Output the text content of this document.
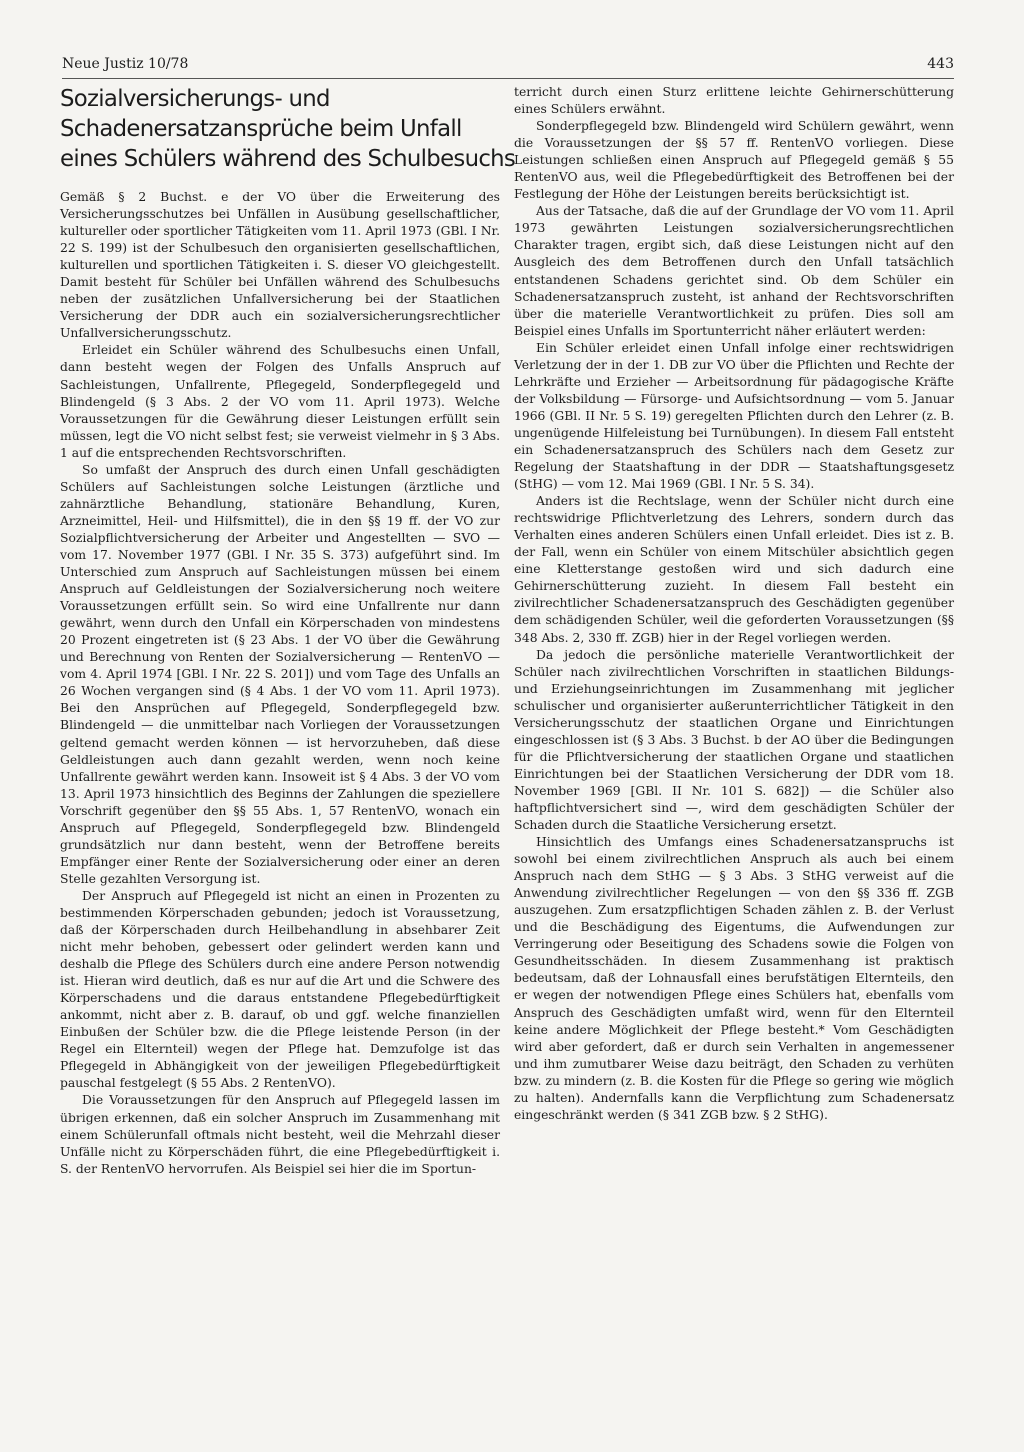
Neue Justiz 10/78	443
Sozialversicherungs- und
Schadenersatzansprüche beim Unfall
eines Schülers während des Schulbesuchs

Gemäß § 2 Buchst. e der VO über die Erweiterung des Versicherungsschutzes bei Unfällen in Ausübung gesellschaftlicher, kultureller oder sportlicher Tätigkeiten vom 11. April 1973 (GBl. I Nr. 22 S. 199) ist der Schulbesuch den organisierten gesellschaftlichen, kulturellen und sportlichen Tätigkeiten i. S. dieser VO gleichgestellt. Damit besteht für Schüler bei Unfällen während des Schulbesuchs neben der zusätzlichen Unfallversicherung bei der Staatlichen Versicherung der DDR auch ein sozialversicherungsrechtlicher Unfallversicherungsschutz.

Erleidet ein Schüler während des Schulbesuchs einen Unfall, dann besteht wegen der Folgen des Unfalls Anspruch auf Sachleistungen, Unfallrente, Pflegegeld, Sonderpflegegeld und Blindengeld (§ 3 Abs. 2 der VO vom 11. April 1973). Welche Voraussetzungen für die Gewährung dieser Leistungen erfüllt sein müssen, legt die VO nicht selbst fest; sie verweist vielmehr in § 3 Abs. 1 auf die entsprechenden Rechtsvorschriften.

So umfaßt der Anspruch des durch einen Unfall geschädigten Schülers auf Sachleistungen solche Leistungen (ärztliche und zahnärztliche Behandlung, stationäre Behandlung, Kuren, Arzneimittel, Heil- und Hilfsmittel), die in den §§ 19 ff. der VO zur Sozialpflichtversicherung der Arbeiter und Angestellten — SVO — vom 17. November 1977 (GBl. I Nr. 35 S. 373) aufgeführt sind. Im Unterschied zum Anspruch auf Sachleistungen müssen bei einem Anspruch auf Geldleistungen der Sozialversicherung noch weitere Voraussetzungen erfüllt sein. So wird eine Unfallrente nur dann gewährt, wenn durch den Unfall ein Körperschaden von mindestens 20 Prozent eingetreten ist (§ 23 Abs. 1 der VO über die Gewährung und Berechnung von Renten der Sozialversicherung — RentenVO — vom 4. April 1974 [GBl. I Nr. 22 S. 201]) und vom Tage des Unfalls an 26 Wochen vergangen sind (§ 4 Abs. 1 der VO vom 11. April 1973). Bei den Ansprüchen auf Pflegegeld, Sonderpflegegeld bzw. Blindengeld — die unmittelbar nach Vorliegen der Voraussetzungen geltend gemacht werden können — ist hervorzuheben, daß diese Geldleistungen auch dann gezahlt werden, wenn noch keine Unfallrente gewährt werden kann. Insoweit ist § 4 Abs. 3 der VO vom 13. April 1973 hinsichtlich des Beginns der Zahlungen die speziellere Vorschrift gegenüber den §§ 55 Abs. 1, 57 RentenVO, wonach ein Anspruch auf Pflegegeld, Sonderpflegegeld bzw. Blindengeld grundsätzlich nur dann besteht, wenn der Betroffene bereits Empfänger einer Rente der Sozialversicherung oder einer an deren Stelle gezahlten Versorgung ist.

Der Anspruch auf Pflegegeld ist nicht an einen in Prozenten zu bestimmenden Körperschaden gebunden; jedoch ist Voraussetzung, daß der Körperschaden durch Heilbehandlung in absehbarer Zeit nicht mehr behoben, gebessert oder gelindert werden kann und deshalb die Pflege des Schülers durch eine andere Person notwendig ist. Hieran wird deutlich, daß es nur auf die Art und die Schwere des Körperschadens und die daraus entstandene Pflegebedürftigkeit ankommt, nicht aber z. B. darauf, ob und ggf. welche finanziellen Einbußen der Schüler bzw. die die Pflege leistende Person (in der Regel ein Elternteil) wegen der Pflege hat. Demzufolge ist das Pflegegeld in Abhängigkeit von der jeweiligen Pflegebedürftigkeit pauschal festgelegt (§ 55 Abs. 2 RentenVO).

Die Voraussetzungen für den Anspruch auf Pflegegeld lassen im übrigen erkennen, daß ein solcher Anspruch im Zusammenhang mit einem Schülerunfall oftmals nicht besteht, weil die Mehrzahl dieser Unfälle nicht zu Körperschäden führt, die eine Pflegebedürftigkeit i. S. der RentenVO hervorrufen. Als Beispiel sei hier die im Sportun-

terricht durch einen Sturz erlittene leichte Gehirnerschütterung eines Schülers erwähnt.

Sonderpflegegeld bzw. Blindengeld wird Schülern gewährt, wenn die Voraussetzungen der §§ 57 ff. RentenVO vorliegen. Diese Leistungen schließen einen Anspruch auf Pflegegeld gemäß § 55 RentenVO aus, weil die Pflegebedürftigkeit des Betroffenen bei der Festlegung der Höhe der Leistungen bereits berücksichtigt ist.

Aus der Tatsache, daß die auf der Grundlage der VO vom 11. April 1973 gewährten Leistungen sozialversicherungsrechtlichen Charakter tragen, ergibt sich, daß diese Leistungen nicht auf den Ausgleich des dem Betroffenen durch den Unfall tatsächlich entstandenen Schadens gerichtet sind. Ob dem Schüler ein Schadenersatzanspruch zusteht, ist anhand der Rechtsvorschriften über die materielle Verantwortlichkeit zu prüfen. Dies soll am Beispiel eines Unfalls im Sportunterricht näher erläutert werden:

Ein Schüler erleidet einen Unfall infolge einer rechtswidrigen Verletzung der in der 1. DB zur VO über die Pflichten und Rechte der Lehrkräfte und Erzieher — Arbeitsordnung für pädagogische Kräfte der Volksbildung — Fürsorge- und Aufsichtsordnung — vom 5. Januar 1966 (GBl. II Nr. 5 S. 19) geregelten Pflichten durch den Lehrer (z. B. ungenügende Hilfeleistung bei Turnübungen). In diesem Fall entsteht ein Schadenersatzanspruch des Schülers nach dem Gesetz zur Regelung der Staatshaftung in der DDR — Staatshaftungsgesetz (StHG) — vom 12. Mai 1969 (GBl. I Nr. 5 S. 34).

Anders ist die Rechtslage, wenn der Schüler nicht durch eine rechtswidrige Pflichtverletzung des Lehrers, sondern durch das Verhalten eines anderen Schülers einen Unfall erleidet. Dies ist z. B. der Fall, wenn ein Schüler von einem Mitschüler absichtlich gegen eine Kletterstange gestoßen wird und sich dadurch eine Gehirnerschütterung zuzieht. In diesem Fall besteht ein zivilrechtlicher Schadenersatzanspruch des Geschädigten gegenüber dem schädigenden Schüler, weil die geforderten Voraussetzungen (§§ 348 Abs. 2, 330 ff. ZGB) hier in der Regel vorliegen werden.

Da jedoch die persönliche materielle Verantwortlichkeit der Schüler nach zivilrechtlichen Vorschriften in staatlichen Bildungs- und Erziehungseinrichtungen im Zusammenhang mit jeglicher schulischer und organisierter außerunterrichtlicher Tätigkeit in den Versicherungsschutz der staatlichen Organe und Einrichtungen eingeschlossen ist (§ 3 Abs. 3 Buchst. b der AO über die Bedingungen für die Pflichtversicherung der staatlichen Organe und staatlichen Einrichtungen bei der Staatlichen Versicherung der DDR vom 18. November 1969 [GBl. II Nr. 101 S. 682]) — die Schüler also haftpflichtversichert sind —, wird dem geschädigten Schüler der Schaden durch die Staatliche Versicherung ersetzt.

Hinsichtlich des Umfangs eines Schadenersatzanspruchs ist sowohl bei einem zivilrechtlichen Anspruch als auch bei einem Anspruch nach dem StHG — § 3 Abs. 3 StHG verweist auf die Anwendung zivilrechtlicher Regelungen — von den §§ 336 ff. ZGB auszugehen. Zum ersatzpflichtigen Schaden zählen z. B. der Verlust und die Beschädigung des Eigentums, die Aufwendungen zur Verringerung oder Beseitigung des Schadens sowie die Folgen von Gesundheitsschäden. In diesem Zusammenhang ist praktisch bedeutsam, daß der Lohnausfall eines berufstätigen Elternteils, den er wegen der notwendigen Pflege eines Schülers hat, ebenfalls vom Anspruch des Geschädigten umfaßt wird, wenn für den Elternteil keine andere Möglichkeit der Pflege besteht.* Vom Geschädigten wird aber gefordert, daß er durch sein Verhalten in angemessener und ihm zumutbarer Weise dazu beiträgt, den Schaden zu verhüten bzw. zu mindern (z. B. die Kosten für die Pflege so gering wie möglich zu halten). Andernfalls kann die Verpflichtung zum Schadenersatz eingeschränkt werden (§ 341 ZGB bzw. § 2 StHG).
